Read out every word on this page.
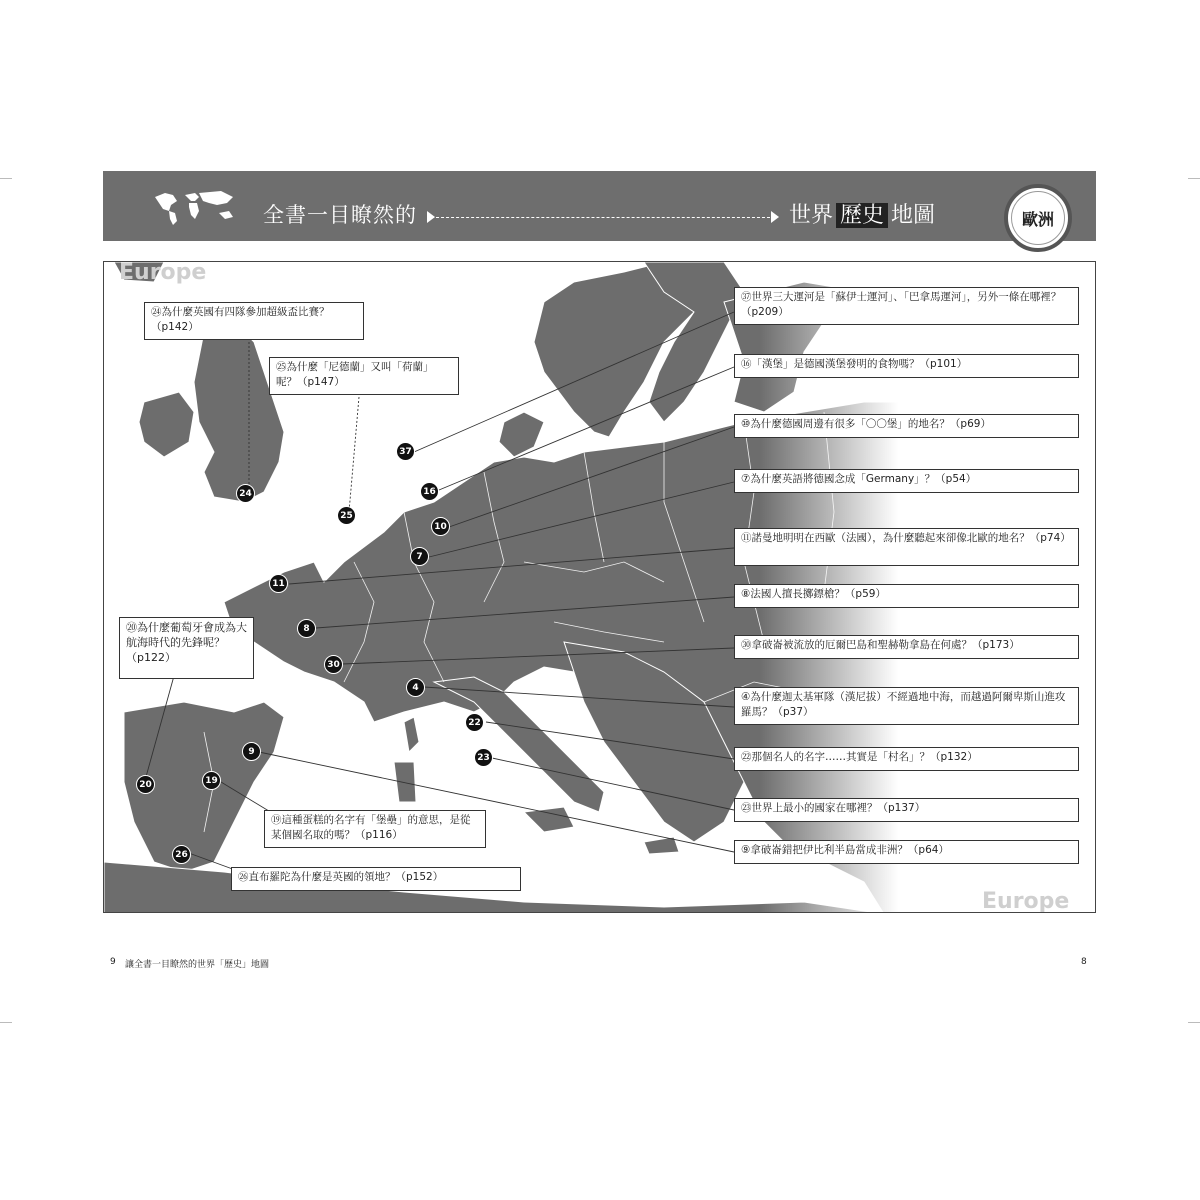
全書一目瞭然的	世界 歷史 地圖	歐洲
Europe
Europe
㉔為什麼英國有四隊參加超級盃比賽？（p142）
㉕為什麼「尼德蘭」又叫「荷蘭」呢？（p147）
㊲世界三大運河是「蘇伊士運河」、「巴拿馬運河」，另外一條在哪裡？（p209）
⑯「漢堡」是德國漢堡發明的食物嗎？（p101）
⑩為什麼德國周邊有很多「〇〇堡」的地名？（p69）
⑦為什麼英語將德國念成「Germany」？（p54）
⑪諾曼地明明在西歐（法國），為什麼聽起來卻像北歐的地名？（p74）
⑧法國人擅長擲鏢槍？（p59）
㉚拿破崙被流放的厄爾巴島和聖赫勒拿島在何處？（p173）
④為什麼迦太基軍隊（漢尼拔）不經過地中海，而越過阿爾卑斯山進攻羅馬？（p37）
㉒那個名人的名字……其實是「村名」？（p132）
㉓世界上最小的國家在哪裡？（p137）
⑨拿破崙錯把伊比利半島當成非洲？（p64）
⑳為什麼葡萄牙會成為大航海時代的先鋒呢？（p122）
⑲這種蛋糕的名字有「堡壘」的意思，是從某個國名取的嗎？（p116）
㉖直布羅陀為什麼是英國的領地？（p152）
37
16
24
25
10
7
11
8
30
4
22
23
9
19
20
26
9 讓全書一目瞭然的世界「歷史」地圖	8
